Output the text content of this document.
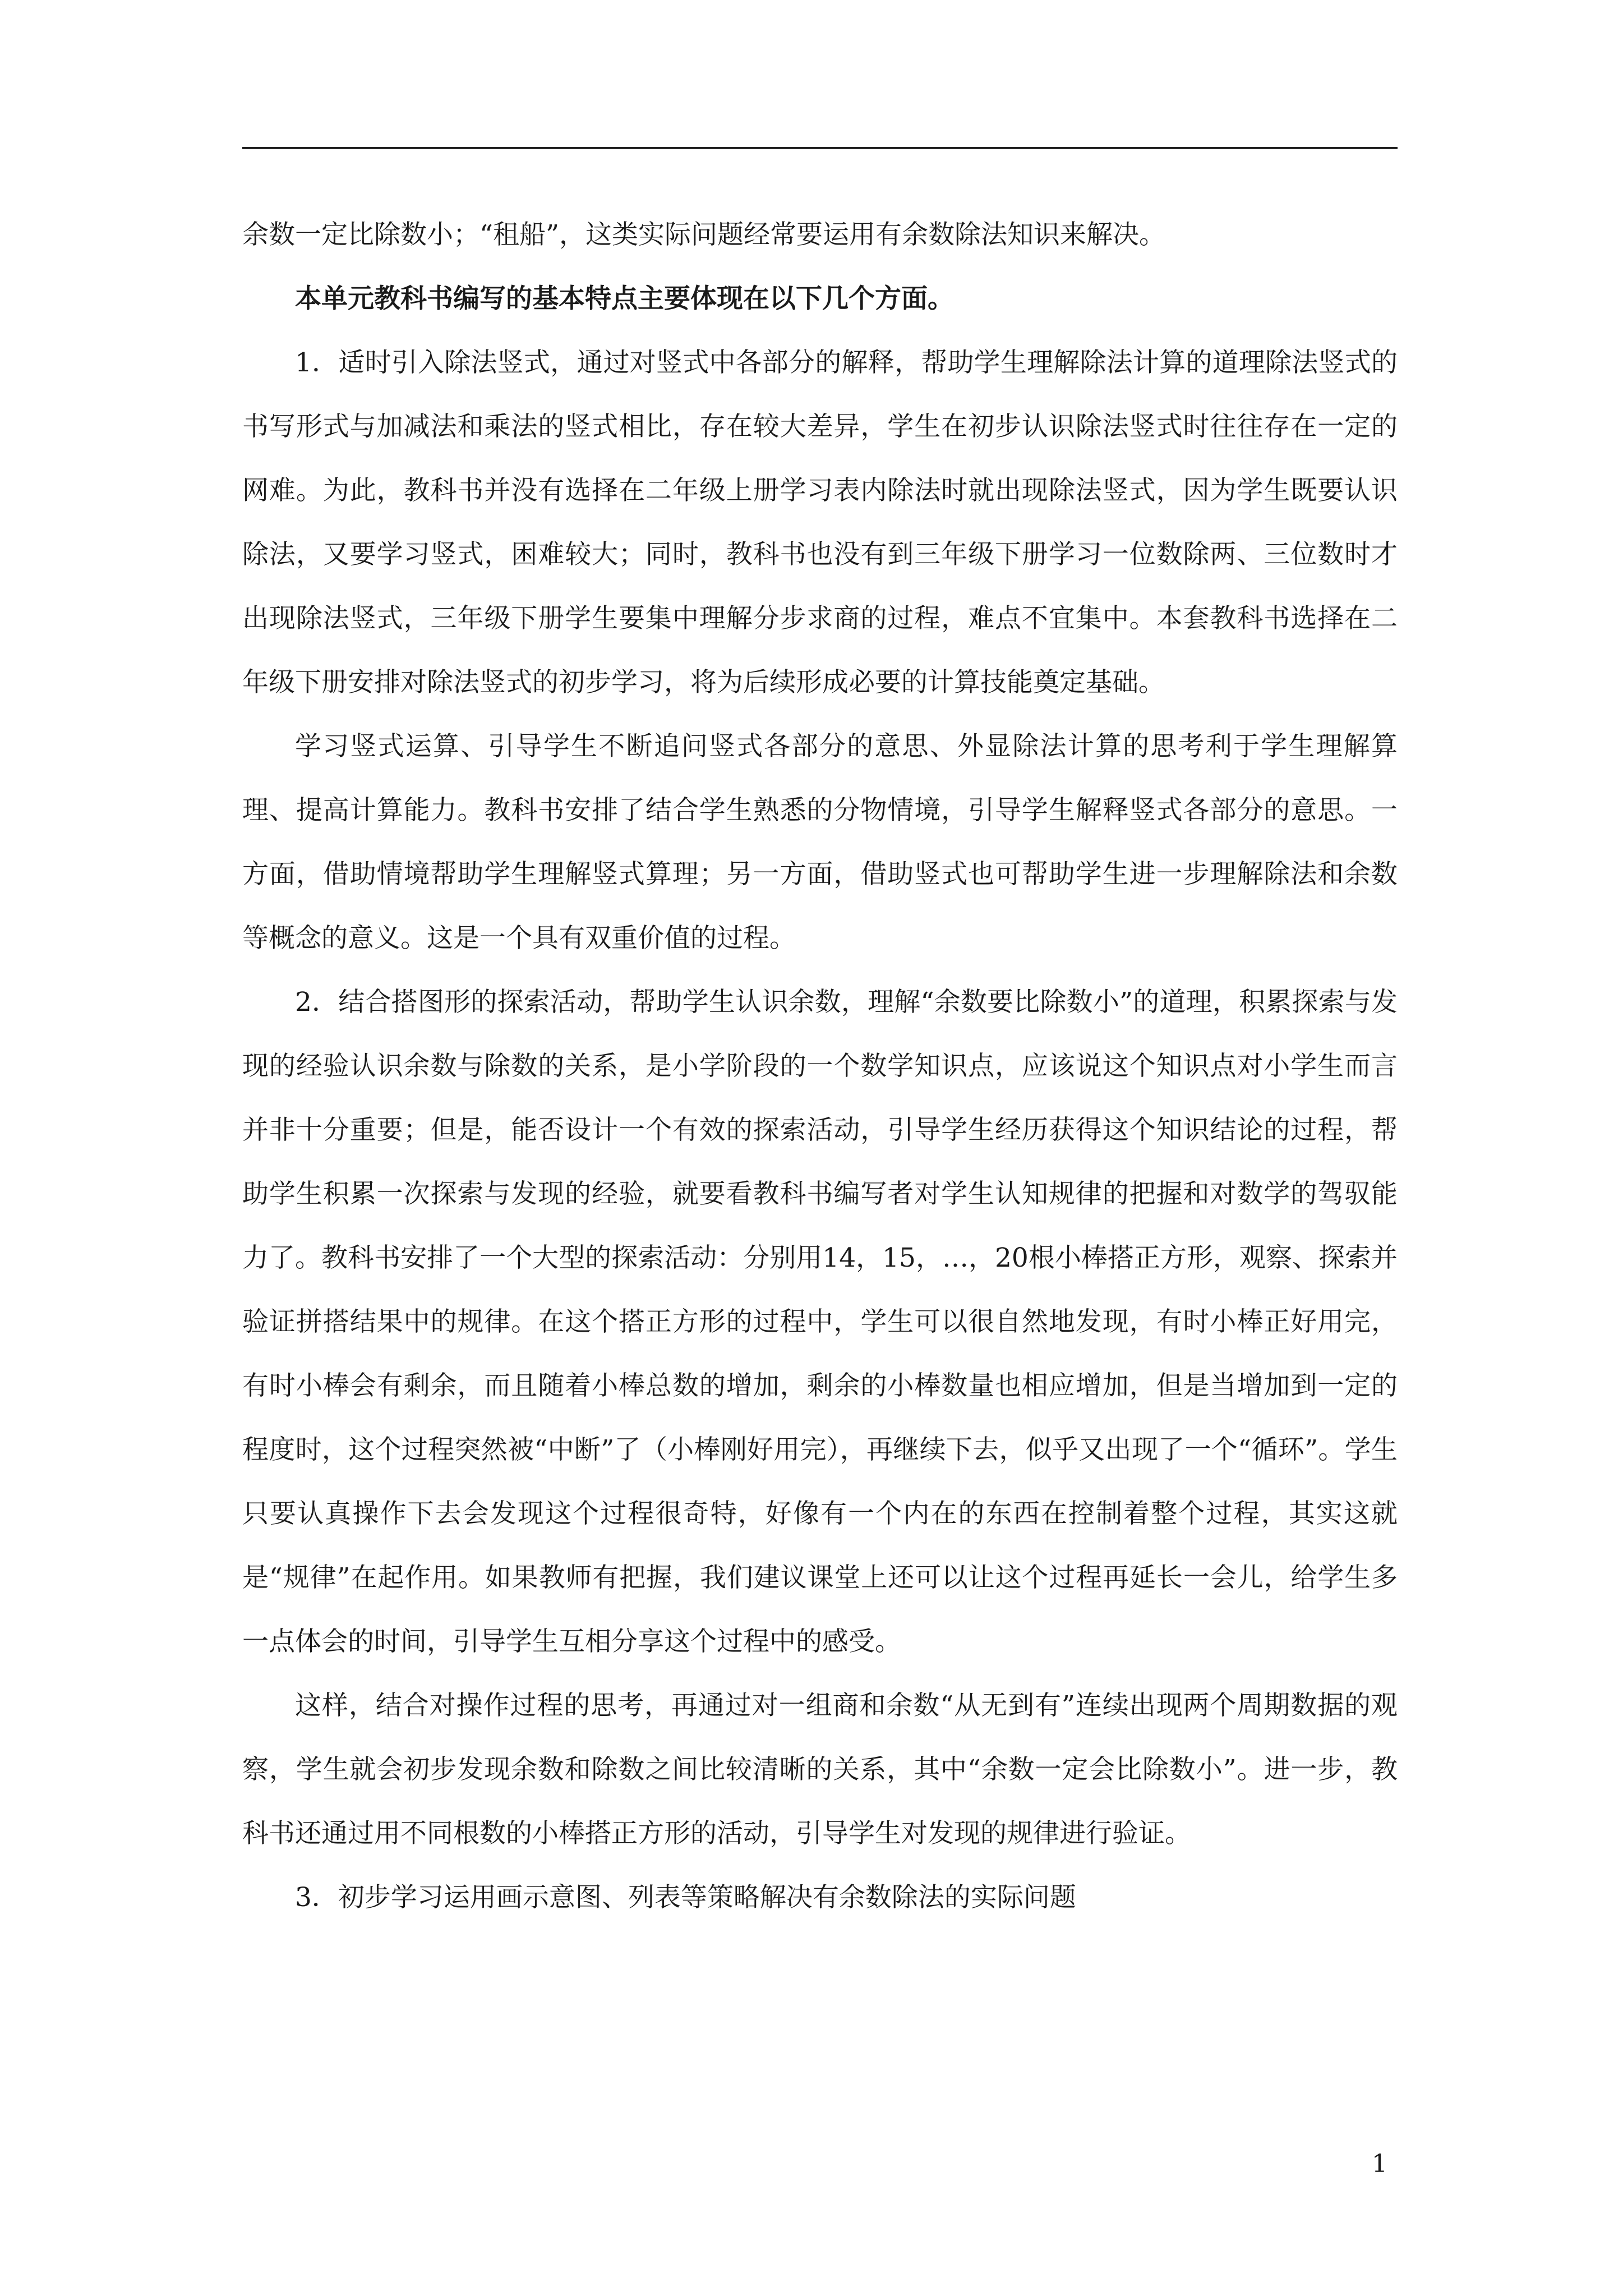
余数一定比除数小；“租船”，这类实际问题经常要运用有余数除法知识来解决。

本单元教科书编写的基本特点主要体现在以下几个方面。

1．适时引入除法竖式，通过对竖式中各部分的解释，帮助学生理解除法计算的道理除法竖式的书写形式与加减法和乘法的竖式相比，存在较大差异，学生在初步认识除法竖式时往往存在一定的网难。为此，教科书并没有选择在二年级上册学习表内除法时就出现除法竖式，因为学生既要认识除法，又要学习竖式，困难较大；同时，教科书也没有到三年级下册学习一位数除两、三位数时才出现除法竖式，三年级下册学生要集中理解分步求商的过程，难点不宜集中。本套教科书选择在二年级下册安排对除法竖式的初步学习，将为后续形成必要的计算技能奠定基础。

学习竖式运算、引导学生不断追问竖式各部分的意思、外显除法计算的思考利于学生理解算理、提高计算能力。教科书安排了结合学生熟悉的分物情境，引导学生解释竖式各部分的意思。一方面，借助情境帮助学生理解竖式算理；另一方面，借助竖式也可帮助学生进一步理解除法和余数等概念的意义。这是一个具有双重价值的过程。

2．结合搭图形的探索活动，帮助学生认识余数，理解“余数要比除数小”的道理，积累探索与发现的经验认识余数与除数的关系，是小学阶段的一个数学知识点，应该说这个知识点对小学生而言并非十分重要；但是，能否设计一个有效的探索活动，引导学生经历获得这个知识结论的过程，帮助学生积累一次探索与发现的经验，就要看教科书编写者对学生认知规律的把握和对数学的驾驭能力了。教科书安排了一个大型的探索活动：分别用14，15，…，20根小棒搭正方形，观察、探索并验证拼搭结果中的规律。在这个搭正方形的过程中，学生可以很自然地发现，有时小棒正好用完，有时小棒会有剩余，而且随着小棒总数的增加，剩余的小棒数量也相应增加，但是当增加到一定的程度时，这个过程突然被“中断”了（小棒刚好用完），再继续下去，似乎又出现了一个“循环”。学生只要认真操作下去会发现这个过程很奇特，好像有一个内在的东西在控制着整个过程，其实这就是“规律”在起作用。如果教师有把握，我们建议课堂上还可以让这个过程再延长一会儿，给学生多一点体会的时间，引导学生互相分享这个过程中的感受。

这样，结合对操作过程的思考，再通过对一组商和余数“从无到有”连续出现两个周期数据的观察，学生就会初步发现余数和除数之间比较清晰的关系，其中“余数一定会比除数小”。进一步，教科书还通过用不同根数的小棒搭正方形的活动，引导学生对发现的规律进行验证。

3．初步学习运用画示意图、列表等策略解决有余数除法的实际问题

1
